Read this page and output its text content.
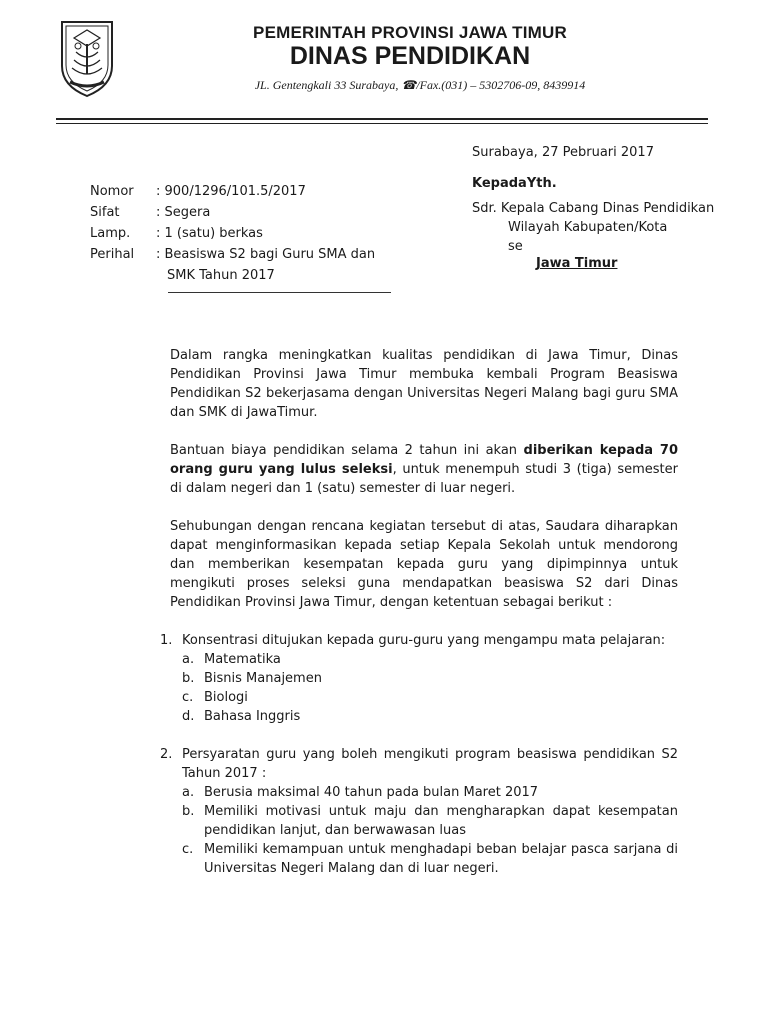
PEMERINTAH PROVINSI JAWA TIMUR
DINAS PENDIDIKAN
JL. Gentengkali 33 Surabaya, ☎/Fax.(031) – 5302706-09, 8439914
Surabaya, 27 Pebruari 2017
KepadaYth.
Sdr. Kepala Cabang Dinas Pendidikan
Wilayah Kabupaten/Kota
se
Jawa Timur
Nomor	: 900/1296/101.5/2017
Sifat	: Segera
Lamp.	: 1 (satu) berkas
Perihal	: Beasiswa S2 bagi Guru SMA dan
SMK Tahun 2017

Dalam rangka meningkatkan kualitas pendidikan di Jawa Timur, Dinas Pendidikan Provinsi Jawa Timur membuka kembali Program Beasiswa Pendidikan S2 bekerjasama dengan Universitas Negeri Malang bagi guru SMA dan SMK di JawaTimur.

Bantuan biaya pendidikan selama 2 tahun ini akan diberikan kepada 70 orang guru yang lulus seleksi, untuk menempuh studi 3 (tiga) semester di dalam negeri dan 1 (satu) semester di luar negeri.

Sehubungan dengan rencana kegiatan tersebut di atas, Saudara diharapkan dapat menginformasikan kepada setiap Kepala Sekolah untuk mendorong dan memberikan kesempatan kepada guru yang dipimpinnya untuk mengikuti proses seleksi guna mendapatkan beasiswa S2 dari Dinas Pendidikan Provinsi Jawa Timur, dengan ketentuan sebagai berikut :

1. Konsentrasi ditujukan kepada guru-guru yang mengampu mata pelajaran:
a. Matematika
b. Bisnis Manajemen
c. Biologi
d. Bahasa Inggris
2. Persyaratan guru yang boleh mengikuti program beasiswa pendidikan S2 Tahun 2017 :
a. Berusia maksimal 40 tahun pada bulan Maret 2017
b. Memiliki motivasi untuk maju dan mengharapkan dapat kesempatan pendidikan lanjut, dan berwawasan luas
c. Memiliki kemampuan untuk menghadapi beban belajar pasca sarjana di Universitas Negeri Malang dan di luar negeri.
